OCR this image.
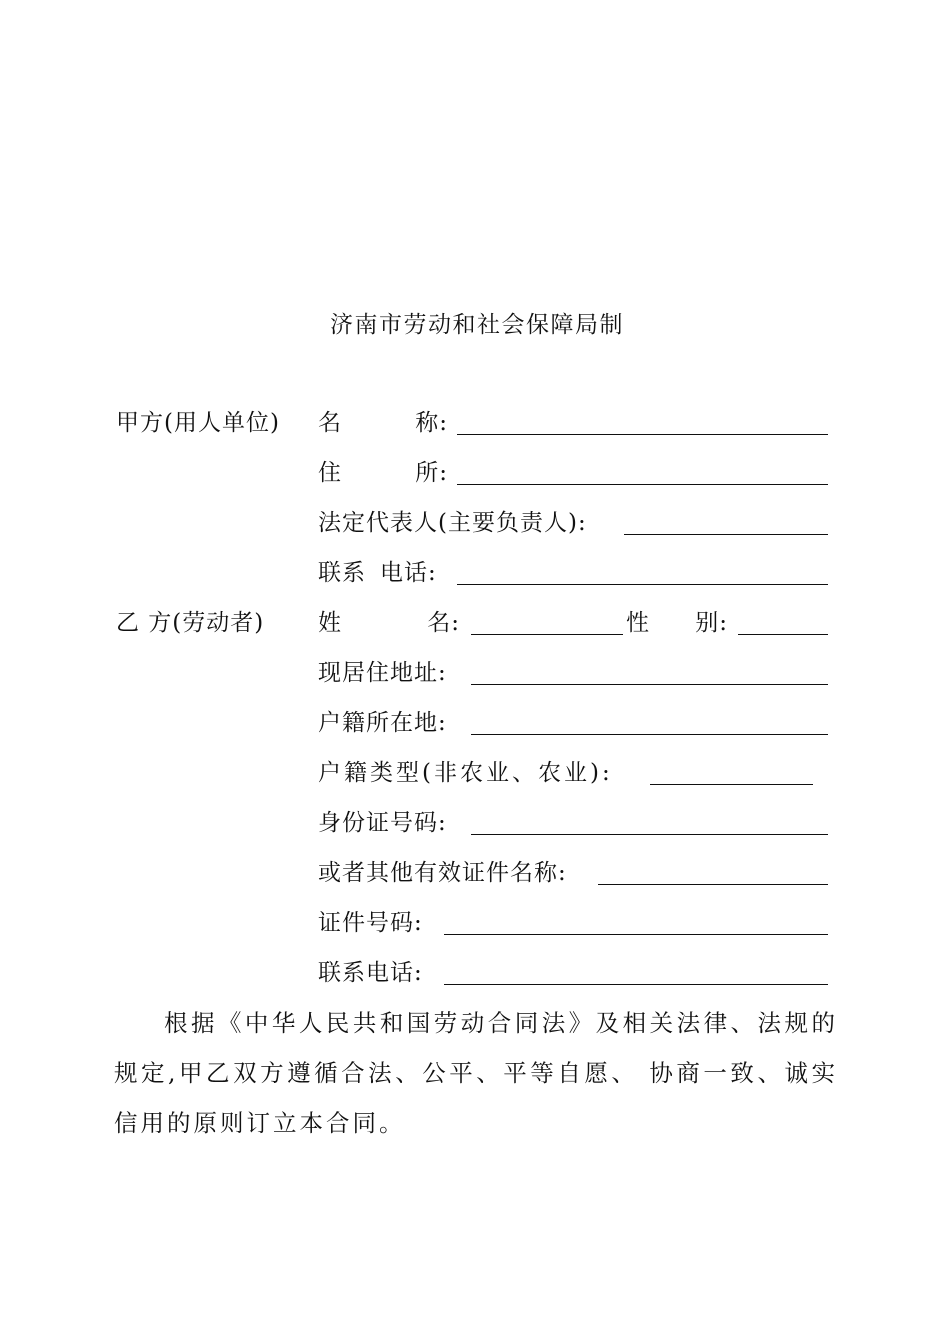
济南市劳动和社会保障局制
甲方(用人单位) 名	称:
住	所:
法定代表人(主要负责人):
联系 电话:
乙 方(劳动者) 姓	名:	性 别:
现居住地址:
户籍所在地:
户籍类型(非农业、农业):
身份证号码:
或者其他有效证件名称:
证件号码:
联系电话:

根据《中华人民共和国劳动合同法》及相关法律、法规的规定,甲乙双方遵循合法、公平、平等自愿、 协商一致、诚实信用的原则订立本合同。
